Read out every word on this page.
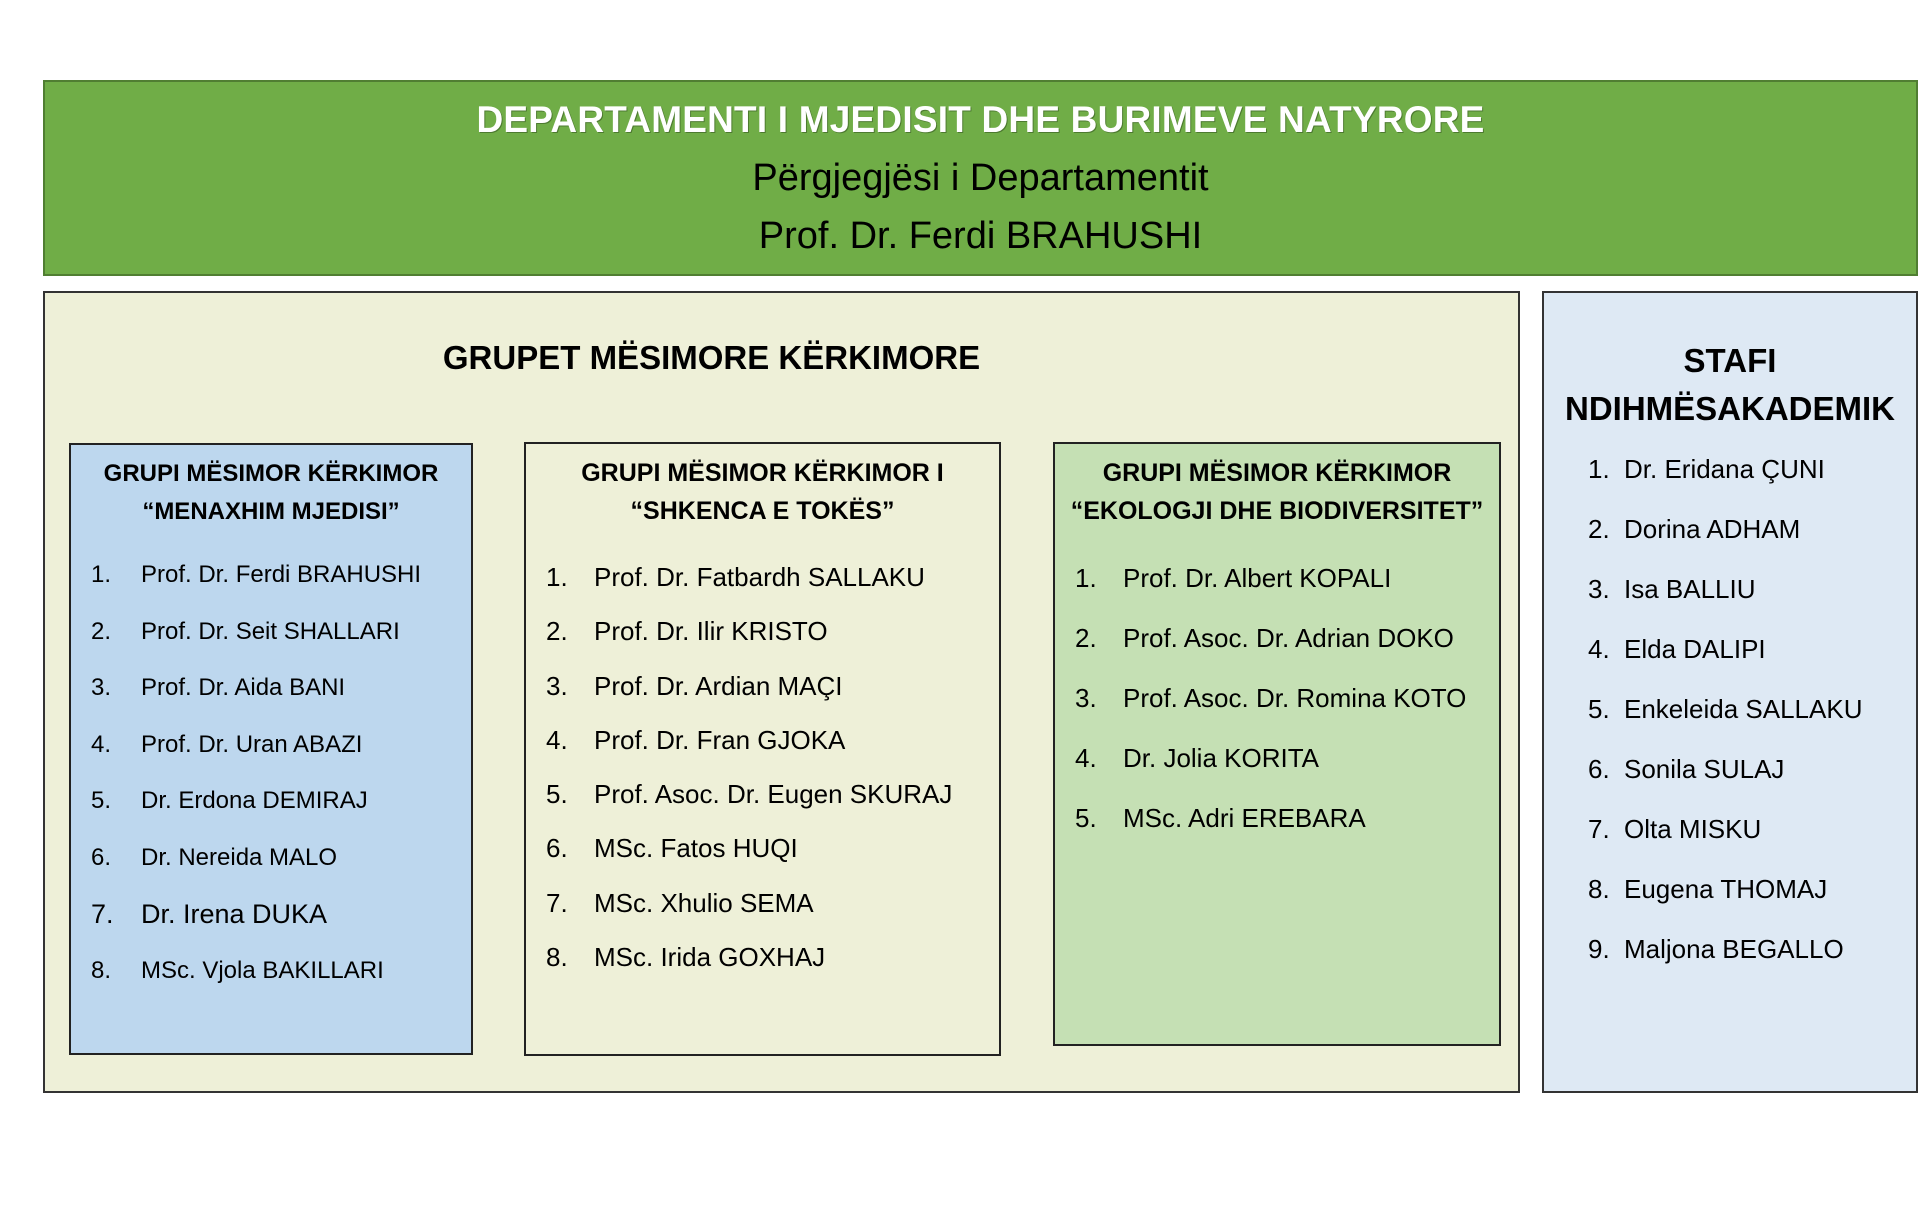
DEPARTAMENTI I MJEDISIT DHE BURIMEVE NATYRORE
Përgjegjësi i Departamentit
Prof. Dr. Ferdi BRAHUSHI
GRUPET MËSIMORE KËRKIMORE
GRUPI MËSIMOR KËRKIMOR
“MENAXHIM MJEDISI”
1.	Prof. Dr. Ferdi BRAHUSHI
2.	Prof. Dr. Seit SHALLARI
3.	Prof. Dr. Aida BANI
4.	Prof. Dr. Uran ABAZI
5.	Dr. Erdona DEMIRAJ
6.	Dr. Nereida MALO
7.	Dr. Irena DUKA
8.	MSc. Vjola BAKILLARI
GRUPI MËSIMOR KËRKIMOR I
“SHKENCA E TOKËS”
1.	Prof. Dr. Fatbardh SALLAKU
2.	Prof. Dr. Ilir KRISTO
3.	Prof. Dr. Ardian MAÇI
4.	Prof. Dr. Fran GJOKA
5.	Prof. Asoc. Dr. Eugen SKURAJ
6.	MSc. Fatos HUQI
7.	MSc. Xhulio SEMA
8.	MSc. Irida GOXHAJ
GRUPI MËSIMOR KËRKIMOR
“EKOLOGJI DHE BIODIVERSITET”
1.	Prof. Dr. Albert KOPALI
2.	Prof. Asoc. Dr. Adrian DOKO
3.	Prof. Asoc. Dr. Romina KOTO
4.	Dr. Jolia KORITA
5.	MSc. Adri EREBARA
STAFI
NDIHMËSAKADEMIK
1. Dr. Eridana ÇUNI
2. Dorina ADHAM
3. Isa BALLIU
4. Elda DALIPI
5. Enkeleida SALLAKU
6. Sonila SULAJ
7. Olta MISKU
8. Eugena THOMAJ
9. Maljona BEGALLO
